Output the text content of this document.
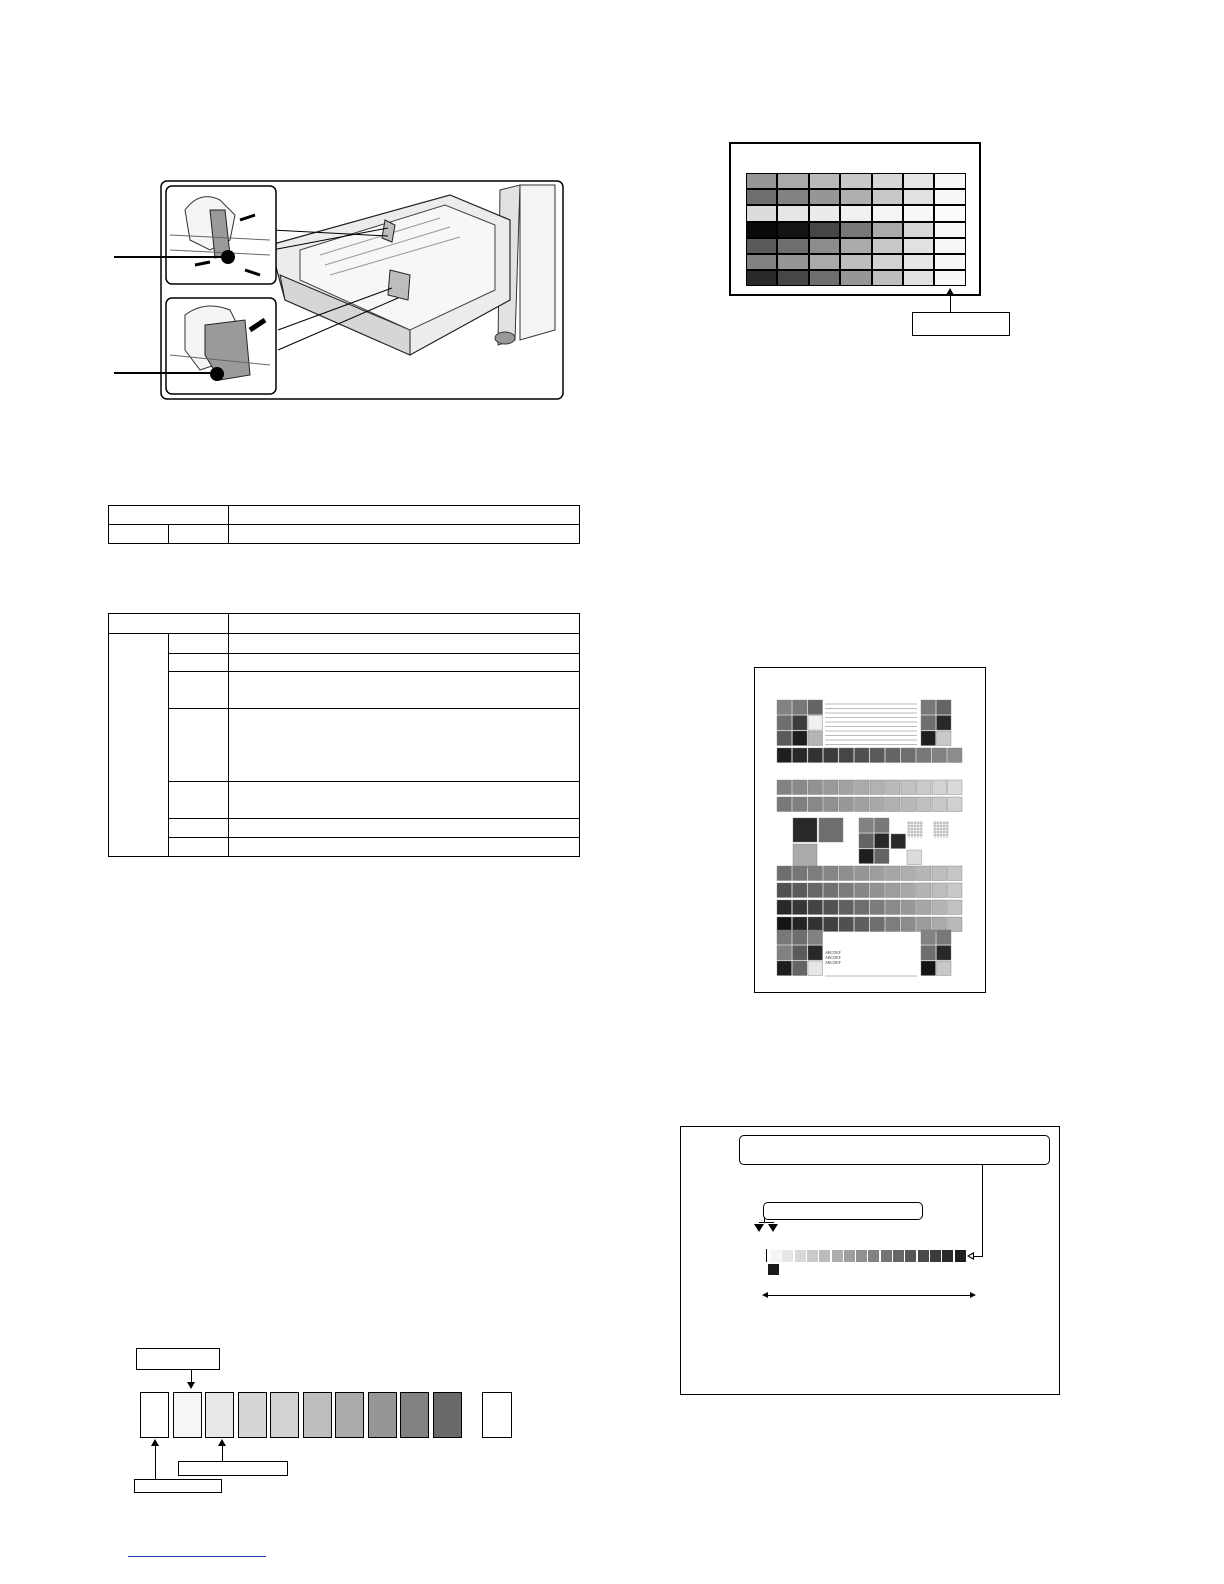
ABCDEF
ABCDEF
ABCDEF
